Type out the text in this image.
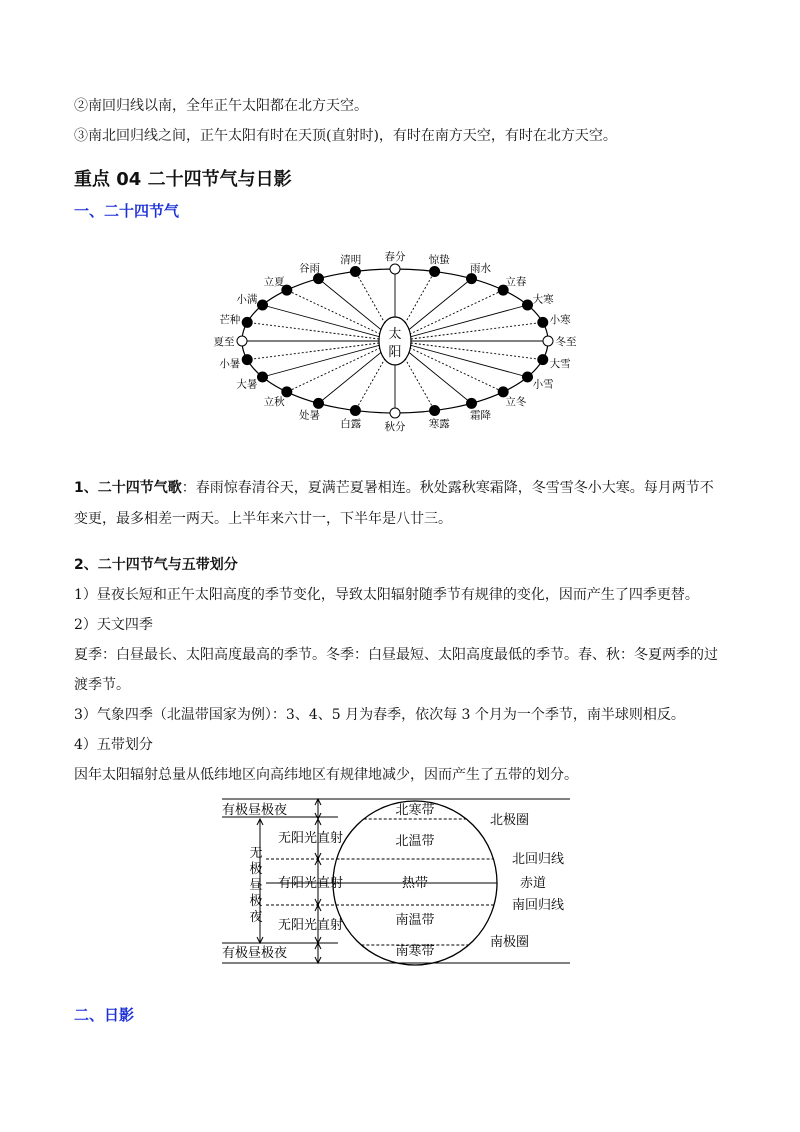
②南回归线以南，全年正午太阳都在北方天空。
③南北回归线之间，正午太阳有时在天顶(直射时)，有时在南方天空，有时在北方天空。
重点 04 二十四节气与日影
一、二十四节气
春分 惊蛰
雨水
立春
大寒
小寒
冬至
大雪
小雪
立冬
霜降
寒露
秋分
白露
处暑
立秋
大暑
小暑
夏至
芒种
小满
立夏
谷雨
清明
太
阳
1、二十四节气歌：春雨惊春清谷天，夏满芒夏暑相连。秋处露秋寒霜降，冬雪雪冬小大寒。每月两节不
变更，最多相差一两天。上半年来六廿一，下半年是八廿三。
2、二十四节气与五带划分
1）昼夜长短和正午太阳高度的季节变化，导致太阳辐射随季节有规律的变化，因而产生了四季更替。
2）天文四季
夏季：白昼最长、太阳高度最高的季节。冬季：白昼最短、太阳高度最低的季节。春、秋：冬夏两季的过
渡季节。
3）气象四季（北温带国家为例）：3、4、5 月为春季，依次每 3 个月为一个季节，南半球则相反。
4）五带划分
因年太阳辐射总量从低纬地区向高纬地区有规律地减少，因而产生了五带的划分。
有极昼极夜
有极昼极夜
无
极
昼
极
夜
无阳光直射
有阳光直射
无阳光直射
北寒带
北温带
热带
南温带
南寒带
北极圈
北回归线
赤道
南回归线
南极圈
二、日影
